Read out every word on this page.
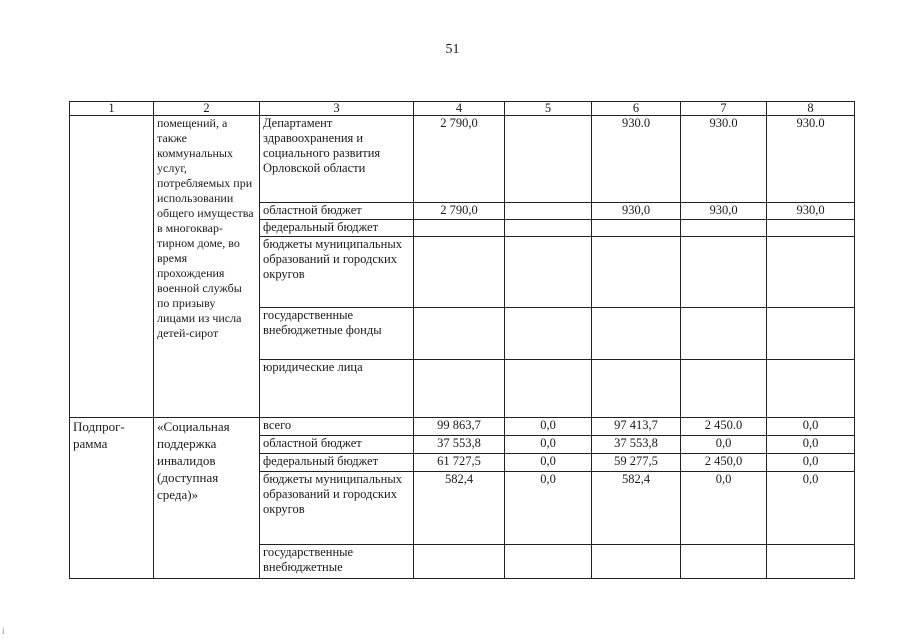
51
1	2	3	4	5	6	7	8
	помещений, а также коммунальных услуг, потребляемых при использовании общего имущества в многоквар-тирном доме, во время прохождения военной службы по призыву лицами из числа детей-сирот	Департамент здравоохранения и социального развития Орловской области	2 790,0		930.0	930.0	930.0
		областной бюджет	2 790,0		930,0	930,0	930,0
		федеральный бюджет					
		бюджеты муниципальных образований и городских округов					
		государственные внебюджетные фонды					
		юридические лица					
Подпрог-рамма	«Социальная поддержка инвалидов (доступная среда)»	всего	99 863,7	0,0	97 413,7	2 450.0	0,0
		областной бюджет	37 553,8	0,0	37 553,8	0,0	0,0
		федеральный бюджет	61 727,5	0,0	59 277,5	2 450,0	0,0
		бюджеты муниципальных образований и городских округов	582,4	0,0	582,4	0,0	0,0
		государственные внебюджетные					
i
